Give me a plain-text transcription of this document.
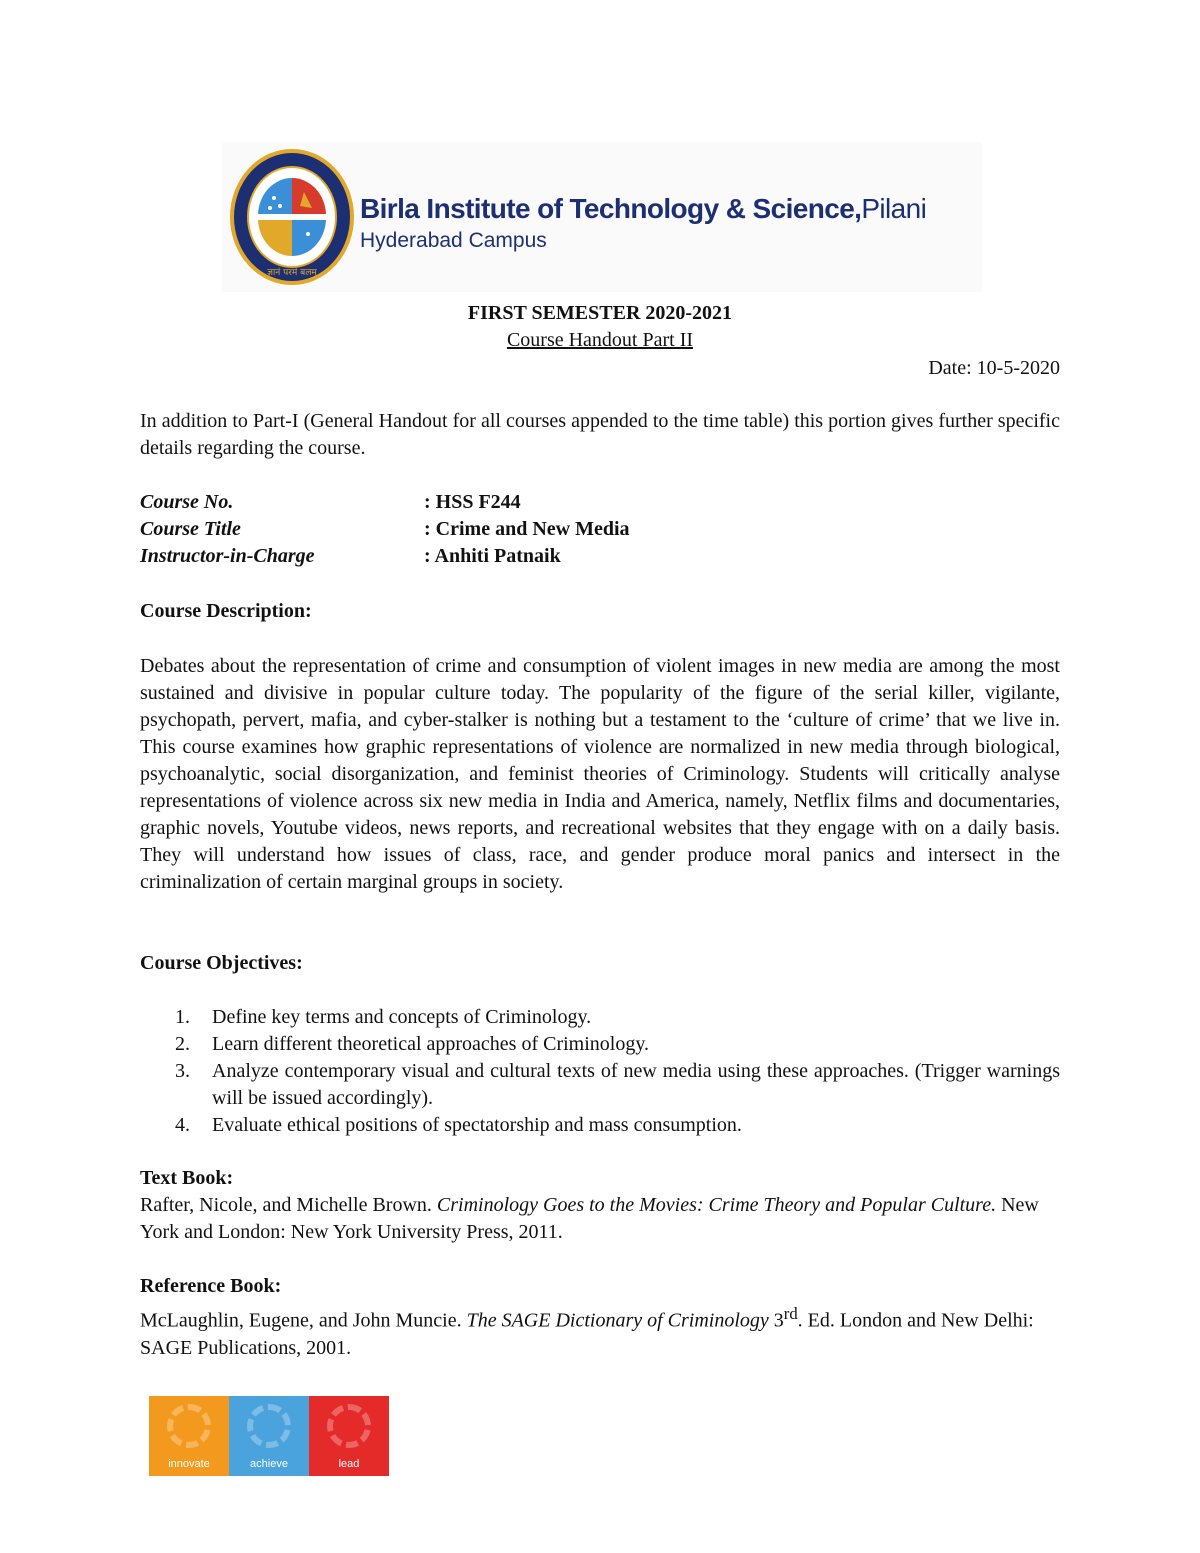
ज्ञानं परमं बलम्
Birla Institute of Technology & Science,Pilani
Hyderabad Campus
FIRST SEMESTER 2020-2021
Course Handout Part II
Date: 10-5-2020

In addition to Part-I (General Handout for all courses appended to the time table) this portion gives further specific details regarding the course.

Course No.	: HSS F244
Course Title	: Crime and New Media
Instructor-in-Charge	: Anhiti Patnaik
Course Description:

Debates about the representation of crime and consumption of violent images in new media are among the most sustained and divisive in popular culture today. The popularity of the figure of the serial killer, vigilante, psychopath, pervert, mafia, and cyber-stalker is nothing but a testament to the ‘culture of crime’ that we live in. This course examines how graphic representations of violence are normalized in new media through biological, psychoanalytic, social disorganization, and feminist theories of Criminology. Students will critically analyse representations of violence across six new media in India and America, namely, Netflix films and documentaries, graphic novels, Youtube videos, news reports, and recreational websites that they engage with on a daily basis. They will understand how issues of class, race, and gender produce moral panics and intersect in the criminalization of certain marginal groups in society.

Course Objectives:
1. Define key terms and concepts of Criminology.
2. Learn different theoretical approaches of Criminology.
3. Analyze contemporary visual and cultural texts of new media using these approaches. (Trigger warnings will be issued accordingly).
4. Evaluate ethical positions of spectatorship and mass consumption.
Text Book:
Rafter, Nicole, and Michelle Brown. Criminology Goes to the Movies: Crime Theory and Popular Culture. New York and London: New York University Press, 2011.
Reference Book:
McLaughlin, Eugene, and John Muncie. The SAGE Dictionary of Criminology 3rd. Ed. London and New Delhi: SAGE Publications, 2001.
innovate	achieve	lead
